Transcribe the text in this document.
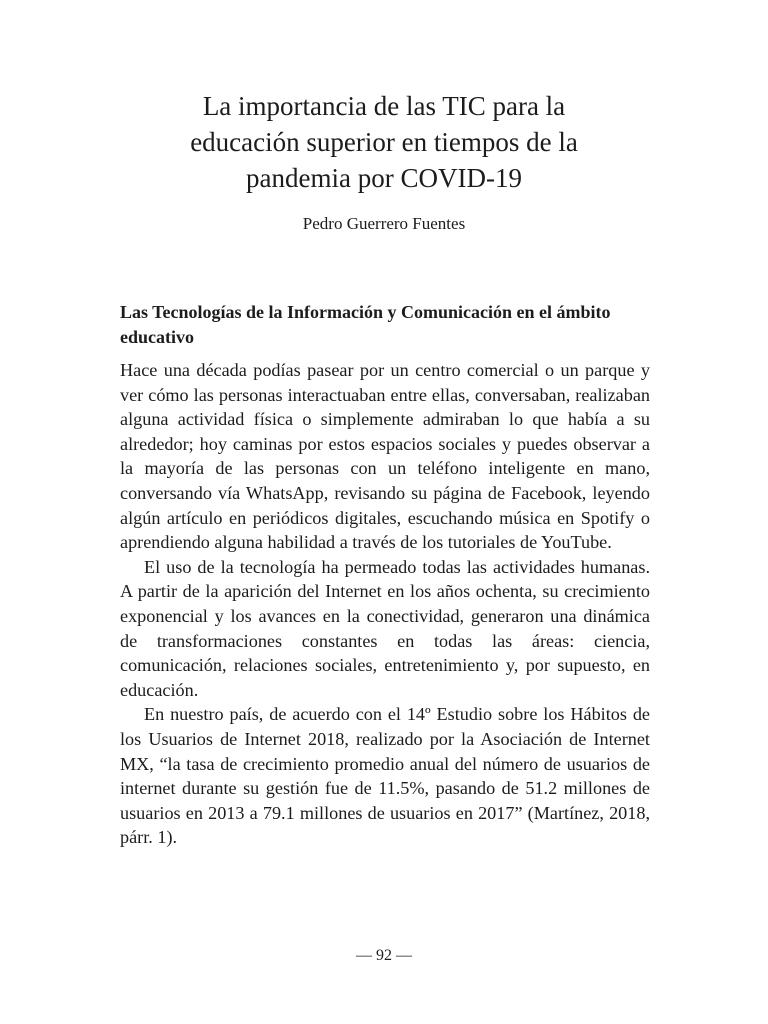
La importancia de las TIC para la educación superior en tiempos de la pandemia por COVID-19
Pedro Guerrero Fuentes
Las Tecnologías de la Información y Comunicación en el ámbito educativo

Hace una década podías pasear por un centro comercial o un parque y ver cómo las personas interactuaban entre ellas, conversaban, realizaban alguna actividad física o simplemente admiraban lo que había a su alrededor; hoy caminas por estos espacios sociales y puedes observar a la mayoría de las personas con un teléfono inteligente en mano, conversando vía WhatsApp, revisando su página de Facebook, leyendo algún artículo en periódicos digitales, escuchando música en Spotify o aprendiendo alguna habilidad a través de los tutoriales de YouTube.

El uso de la tecnología ha permeado todas las actividades humanas. A partir de la aparición del Internet en los años ochenta, su crecimiento exponencial y los avances en la conectividad, generaron una dinámica de transformaciones constantes en todas las áreas: ciencia, comunicación, relaciones sociales, entretenimiento y, por supuesto, en educación.

En nuestro país, de acuerdo con el 14º Estudio sobre los Hábitos de los Usuarios de Internet 2018, realizado por la Asociación de Internet MX, “la tasa de crecimiento promedio anual del número de usuarios de internet durante su gestión fue de 11.5%, pasando de 51.2 millones de usuarios en 2013 a 79.1 millones de usuarios en 2017” (Martínez, 2018, párr. 1).

— 92 —
